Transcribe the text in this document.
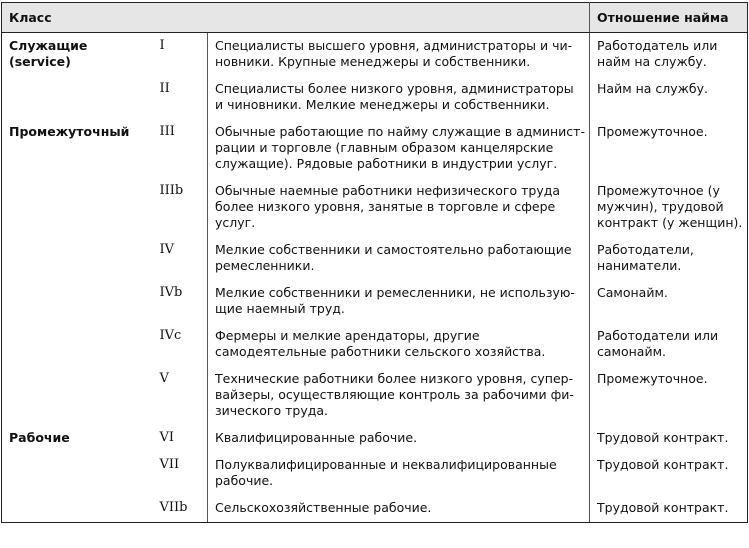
Класс			Отношение найма
Служащие (service)	I	Специалисты высшего уровня, администраторы и чиновники. Крупные менеджеры и собственники.	Работодатель или найм на службу.
	II	Специалисты более низкого уровня, администраторы и чиновники. Мелкие менеджеры и собственники.	Найм на службу.
Промежуточный	III	Обычные работающие по найму служащие в администрации и торговле (главным образом канцелярские служащие). Рядовые работники в индустрии услуг.	Промежуточное.
	IIIb	Обычные наемные работники нефизического труда более низкого уровня, занятые в торговле и сфере услуг.	Промежуточное (у мужчин), трудовой контракт (у женщин).
	IV	Мелкие собственники и самостоятельно работающие ремесленники.	Работодатели, наниматели.
	IVb	Мелкие собственники и ремесленники, не использующие наемный труд.	Самонайм.
	IVc	Фермеры и мелкие арендаторы, другие самодеятельные работники сельского хозяйства.	Работодатели или самонайм.
	V	Технические работники более низкого уровня, супервайзеры, осуществляющие контроль за рабочими физического труда.	Промежуточное.
Рабочие	VI	Квалифицированные рабочие.	Трудовой контракт.
	VII	Полуквалифицированные и неквалифицированные рабочие.	Трудовой контракт.
	VIIb	Сельскохозяйственные рабочие.	Трудовой контракт.
